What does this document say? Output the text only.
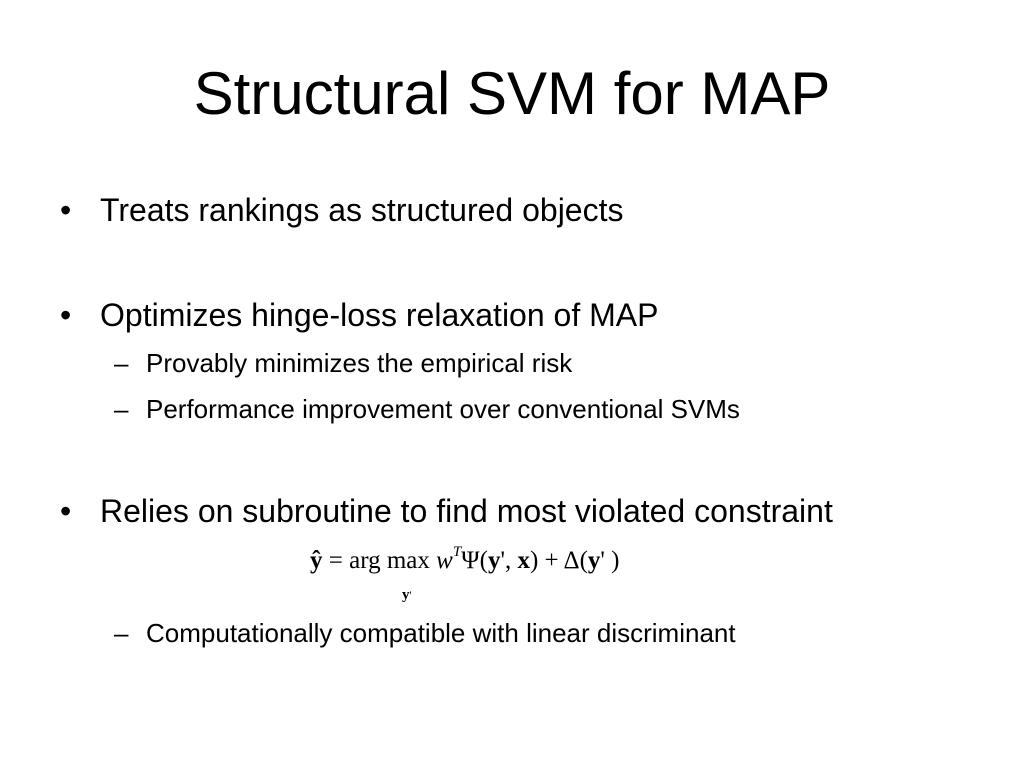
Structural SVM for MAP
• Treats rankings as structured objects
• Optimizes hinge-loss relaxation of MAP
– Provably minimizes the empirical risk
– Performance improvement over conventional SVMs
• Relies on subroutine to find most violated constraint
ŷ = arg $\max w^T\Psi(y'$, x) + Δ(y' )
y'
– Computationally compatible with linear discriminant
